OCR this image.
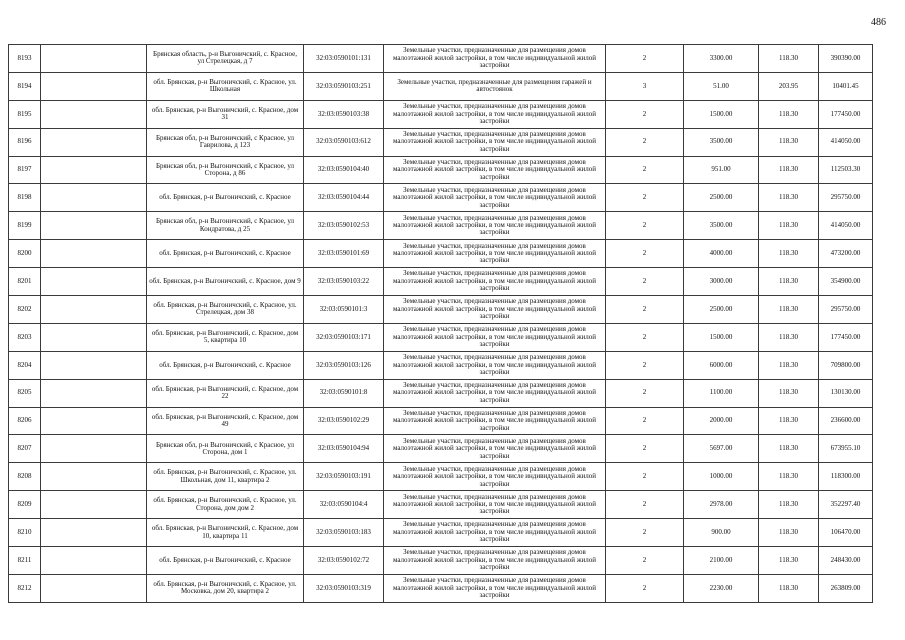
486
8193		Брянская область, р-н Выгоничский, с. Красное, ул Стрелецкая, д 7	32:03:0590101:131	Земельные участки, предназначенные для размещения домов малоэтажной жилой застройки, в том числе индивидуальной жилой застройки	2	3300.00	118.30	390390.00
8194		обл. Брянская, р-н Выгоничский, с. Красное, ул. Школьная	32:03:0590103:251	Земельные участки, предназначенные для размещения гаражей и автостоянок	3	51.00	203.95	10401.45
8195		обл. Брянская, р-н Выгоничский, с. Красное, дом 31	32:03:0590103:38	Земельные участки, предназначенные для размещения домов малоэтажной жилой застройки, в том числе индивидуальной жилой застройки	2	1500.00	118.30	177450.00
8196		Брянская обл, р-н Выгоничский, с Красное, ул Гаврилова, д 123	32:03:0590103:612	Земельные участки, предназначенные для размещения домов малоэтажной жилой застройки, в том числе индивидуальной жилой застройки	2	3500.00	118.30	414050.00
8197		Брянская обл, р-н Выгоничский, с Красное, ул Сторона, д 86	32:03:0590104:40	Земельные участки, предназначенные для размещения домов малоэтажной жилой застройки, в том числе индивидуальной жилой застройки	2	951.00	118.30	112503.30
8198		обл. Брянская, р-н Выгоничский, с. Красное	32:03:0590104:44	Земельные участки, предназначенные для размещения домов малоэтажной жилой застройки, в том числе индивидуальной жилой застройки	2	2500.00	118.30	295750.00
8199		Брянская обл, р-н Выгоничский, с Красное, ул Кондратова, д 25	32:03:0590102:53	Земельные участки, предназначенные для размещения домов малоэтажной жилой застройки, в том числе индивидуальной жилой застройки	2	3500.00	118.30	414050.00
8200		обл. Брянская, р-н Выгоничский, с. Красное	32:03:0590101:69	Земельные участки, предназначенные для размещения домов малоэтажной жилой застройки, в том числе индивидуальной жилой застройки	2	4000.00	118.30	473200.00
8201		обл. Брянская, р-н Выгоничский, с. Красное, дом 9	32:03:0590103:22	Земельные участки, предназначенные для размещения домов малоэтажной жилой застройки, в том числе индивидуальной жилой застройки	2	3000.00	118.30	354900.00
8202		обл. Брянская, р-н Выгоничский, с. Красное, ул. Стрелецкая, дом 38	32:03:0590101:3	Земельные участки, предназначенные для размещения домов малоэтажной жилой застройки, в том числе индивидуальной жилой застройки	2	2500.00	118.30	295750.00
8203		обл. Брянская, р-н Выгоничский, с. Красное, дом 5, квартира 10	32:03:0590103:171	Земельные участки, предназначенные для размещения домов малоэтажной жилой застройки, в том числе индивидуальной жилой застройки	2	1500.00	118.30	177450.00
8204		обл. Брянская, р-н Выгоничский, с. Красное	32:03:0590103:126	Земельные участки, предназначенные для размещения домов малоэтажной жилой застройки, в том числе индивидуальной жилой застройки	2	6000.00	118.30	709800.00
8205		обл. Брянская, р-н Выгоничский, с. Красное, дом 22	32:03:0590101:8	Земельные участки, предназначенные для размещения домов малоэтажной жилой застройки, в том числе индивидуальной жилой застройки	2	1100.00	118.30	130130.00
8206		обл. Брянская, р-н Выгоничский, с. Красное, дом 49	32:03:0590102:29	Земельные участки, предназначенные для размещения домов малоэтажной жилой застройки, в том числе индивидуальной жилой застройки	2	2000.00	118.30	236600.00
8207		Брянская обл, р-н Выгоничский, с Красное, ул Сторона, дом 1	32:03:0590104:94	Земельные участки, предназначенные для размещения домов малоэтажной жилой застройки, в том числе индивидуальной жилой застройки	2	5697.00	118.30	673955.10
8208		обл. Брянская, р-н Выгоничский, с. Красное, ул. Школьная, дом 11, квартира 2	32:03:0590103:191	Земельные участки, предназначенные для размещения домов малоэтажной жилой застройки, в том числе индивидуальной жилой застройки	2	1000.00	118.30	118300.00
8209		обл. Брянская, р-н Выгоничский, с. Красное, ул. Сторона, дом дом 2	32:03:0590104:4	Земельные участки, предназначенные для размещения домов малоэтажной жилой застройки, в том числе индивидуальной жилой застройки	2	2978.00	118.30	352297.40
8210		обл. Брянская, р-н Выгоничский, с. Красное, дом 10, квартира 11	32:03:0590103:183	Земельные участки, предназначенные для размещения домов малоэтажной жилой застройки, в том числе индивидуальной жилой застройки	2	900.00	118.30	106470.00
8211		обл. Брянская, р-н Выгоничский, с. Красное	32:03:0590102:72	Земельные участки, предназначенные для размещения домов малоэтажной жилой застройки, в том числе индивидуальной жилой застройки	2	2100.00	118.30	248430.00
8212		обл. Брянская, р-н Выгоничский, с. Красное, ул. Московка, дом 20, квартира 2	32:03:0590103:319	Земельные участки, предназначенные для размещения домов малоэтажной жилой застройки, в том числе индивидуальной жилой застройки	2	2230.00	118.30	263809.00
